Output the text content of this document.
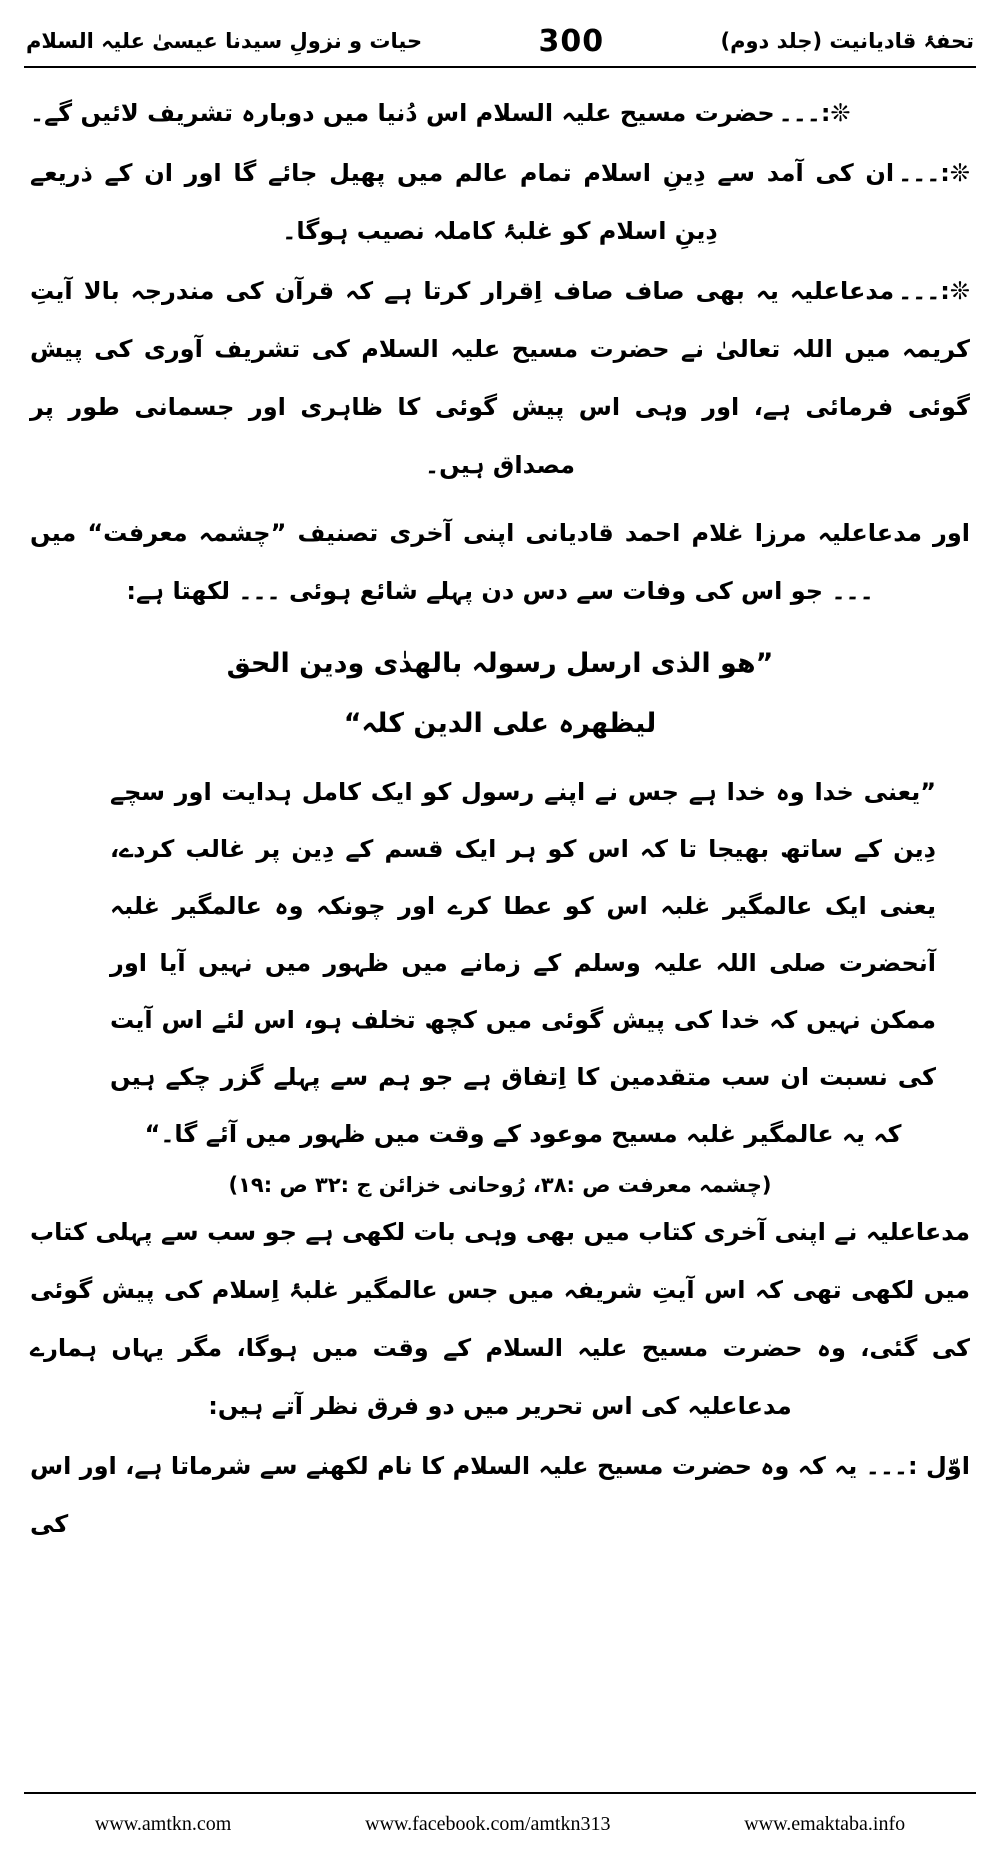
تحفۂ قادیانیت (جلد دوم)
300
حیات و نزولِ سیدنا عیسیٰ علیہ السلام

❊:۔۔۔ حضرت مسیح علیہ السلام اس دُنیا میں دوبارہ تشریف لائیں گے۔

❊:۔۔۔ ان کی آمد سے دِینِ اسلام تمام عالم میں پھیل جائے گا اور ان کے ذریعے دِینِ اسلام کو غلبۂ کاملہ نصیب ہوگا۔

❊:۔۔۔ مدعاعلیہ یہ بھی صاف صاف اِقرار کرتا ہے کہ قرآن کی مندرجہ بالا آیتِ کریمہ میں اللہ تعالیٰ نے حضرت مسیح علیہ السلام کی تشریف آوری کی پیش گوئی فرمائی ہے، اور وہی اس پیش گوئی کا ظاہری اور جسمانی طور پر مصداق ہیں۔

اور مدعاعلیہ مرزا غلام احمد قادیانی اپنی آخری تصنیف ”چشمہ معرفت“ میں ۔۔۔ جو اس کی وفات سے دس دن پہلے شائع ہوئی ۔۔۔ لکھتا ہے:

”ھو الذی ارسل رسولہ بالھدٰی ودین الحق
لیظھرہ علی الدین کلہ“

”یعنی خدا وہ خدا ہے جس نے اپنے رسول کو ایک کامل ہدایت اور سچے دِین کے ساتھ بھیجا تا کہ اس کو ہر ایک قسم کے دِین پر غالب کردے، یعنی ایک عالمگیر غلبہ اس کو عطا کرے اور چونکہ وہ عالمگیر غلبہ آنحضرت صلی اللہ علیہ وسلم کے زمانے میں ظہور میں نہیں آیا اور ممکن نہیں کہ خدا کی پیش گوئی میں کچھ تخلف ہو، اس لئے اس آیت کی نسبت ان سب متقدمین کا اِتفاق ہے جو ہم سے پہلے گزر چکے ہیں کہ یہ عالمگیر غلبہ مسیح موعود کے وقت میں ظہور میں آئے گا۔“

(چشمہ معرفت ص :۳۸، رُوحانی خزائن ج :۳۲ ص :۱۹)

مدعاعلیہ نے اپنی آخری کتاب میں بھی وہی بات لکھی ہے جو سب سے پہلی کتاب میں لکھی تھی کہ اس آیتِ شریفہ میں جس عالمگیر غلبۂ اِسلام کی پیش گوئی کی گئی، وہ حضرت مسیح علیہ السلام کے وقت میں ہوگا، مگر یہاں ہمارے مدعاعلیہ کی اس تحریر میں دو فرق نظر آتے ہیں:

اوّل :۔۔۔ یہ کہ وہ حضرت مسیح علیہ السلام کا نام لکھنے سے شرماتا ہے، اور اس کی

www.amtkn.com	www.facebook.com/amtkn313	www.emaktaba.info
